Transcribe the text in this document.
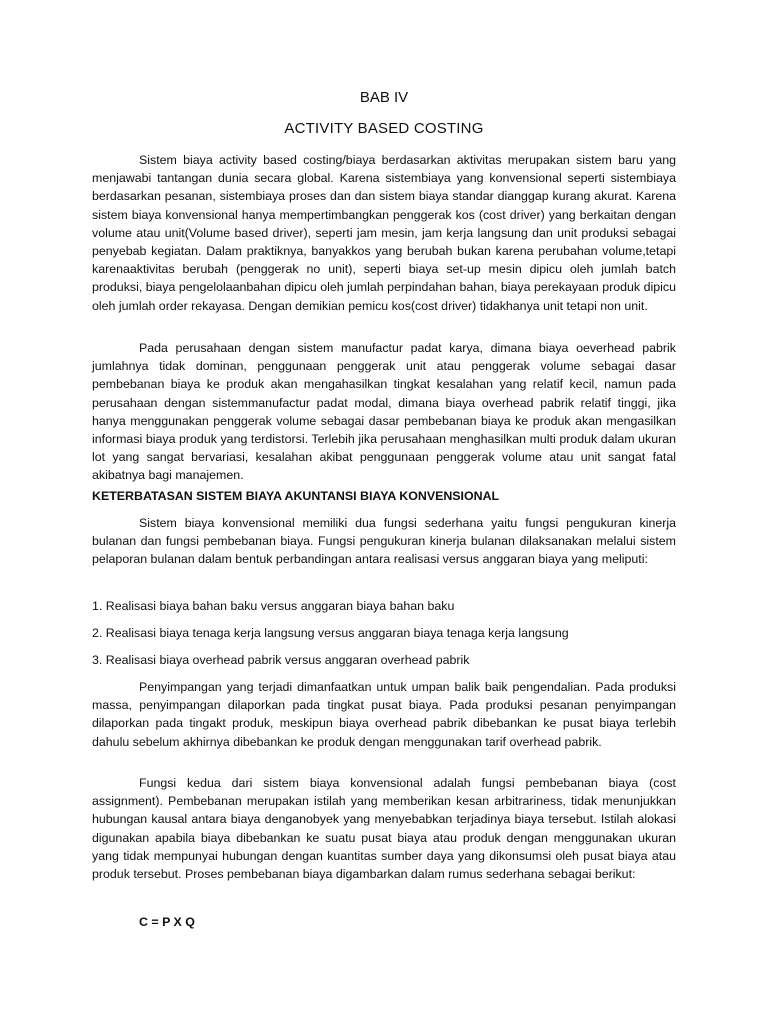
BAB IV
ACTIVITY BASED COSTING

Sistem biaya activity based costing/biaya berdasarkan aktivitas merupakan sistem baru yang menjawabi tantangan dunia secara global. Karena sistembiaya yang konvensional seperti sistembiaya berdasarkan pesanan, sistembiaya proses dan dan sistem biaya standar dianggap kurang akurat. Karena sistem biaya konvensional hanya mempertimbangkan penggerak kos (cost driver) yang berkaitan dengan volume atau unit(Volume based driver), seperti jam mesin, jam kerja langsung dan unit produksi sebagai penyebab kegiatan. Dalam praktiknya, banyakkos yang berubah bukan karena perubahan volume,tetapi karenaaktivitas berubah (penggerak no unit), seperti biaya set-up mesin dipicu oleh jumlah batch produksi, biaya pengelolaanbahan dipicu oleh jumlah perpindahan bahan, biaya perekayaan produk dipicu oleh jumlah order rekayasa. Dengan demikian pemicu kos(cost driver) tidakhanya unit tetapi non unit.

Pada perusahaan dengan sistem manufactur padat karya, dimana biaya oeverhead pabrik jumlahnya tidak dominan, penggunaan penggerak unit atau penggerak volume sebagai dasar pembebanan biaya ke produk akan mengahasilkan tingkat kesalahan yang relatif kecil, namun pada perusahaan dengan sistemmanufactur padat modal, dimana biaya overhead pabrik relatif tinggi, jika hanya menggunakan penggerak volume sebagai dasar pembebanan biaya ke produk akan mengasilkan informasi biaya produk yang terdistorsi. Terlebih jika perusahaan menghasilkan multi produk dalam ukuran lot yang sangat bervariasi, kesalahan akibat penggunaan penggerak volume atau unit sangat fatal akibatnya bagi manajemen.

KETERBATASAN SISTEM BIAYA AKUNTANSI BIAYA KONVENSIONAL

Sistem biaya konvensional memiliki dua fungsi sederhana yaitu fungsi pengukuran kinerja bulanan dan fungsi pembebanan biaya. Fungsi pengukuran kinerja bulanan dilaksanakan melalui sistem pelaporan bulanan dalam bentuk perbandingan antara realisasi versus anggaran biaya yang meliputi:

1. Realisasi biaya bahan baku versus anggaran biaya bahan baku
2. Realisasi biaya tenaga kerja langsung versus anggaran biaya tenaga kerja langsung
3. Realisasi biaya overhead pabrik versus anggaran overhead pabrik

Penyimpangan yang terjadi dimanfaatkan untuk umpan balik baik pengendalian. Pada produksi massa, penyimpangan dilaporkan pada tingkat pusat biaya. Pada produksi pesanan penyimpangan dilaporkan pada tingakt produk, meskipun biaya overhead pabrik dibebankan ke pusat biaya terlebih dahulu sebelum akhirnya dibebankan ke produk dengan menggunakan tarif overhead pabrik.

Fungsi kedua dari sistem biaya konvensional adalah fungsi pembebanan biaya (cost assignment). Pembebanan merupakan istilah yang memberikan kesan arbitrariness, tidak menunjukkan hubungan kausal antara biaya denganobyek yang menyebabkan terjadinya biaya tersebut. Istilah alokasi digunakan apabila biaya dibebankan ke suatu pusat biaya atau produk dengan menggunakan ukuran yang tidak mempunyai hubungan dengan kuantitas sumber daya yang dikonsumsi oleh pusat biaya atau produk tersebut. Proses pembebanan biaya digambarkan dalam rumus sederhana sebagai berikut:

C = P X Q
